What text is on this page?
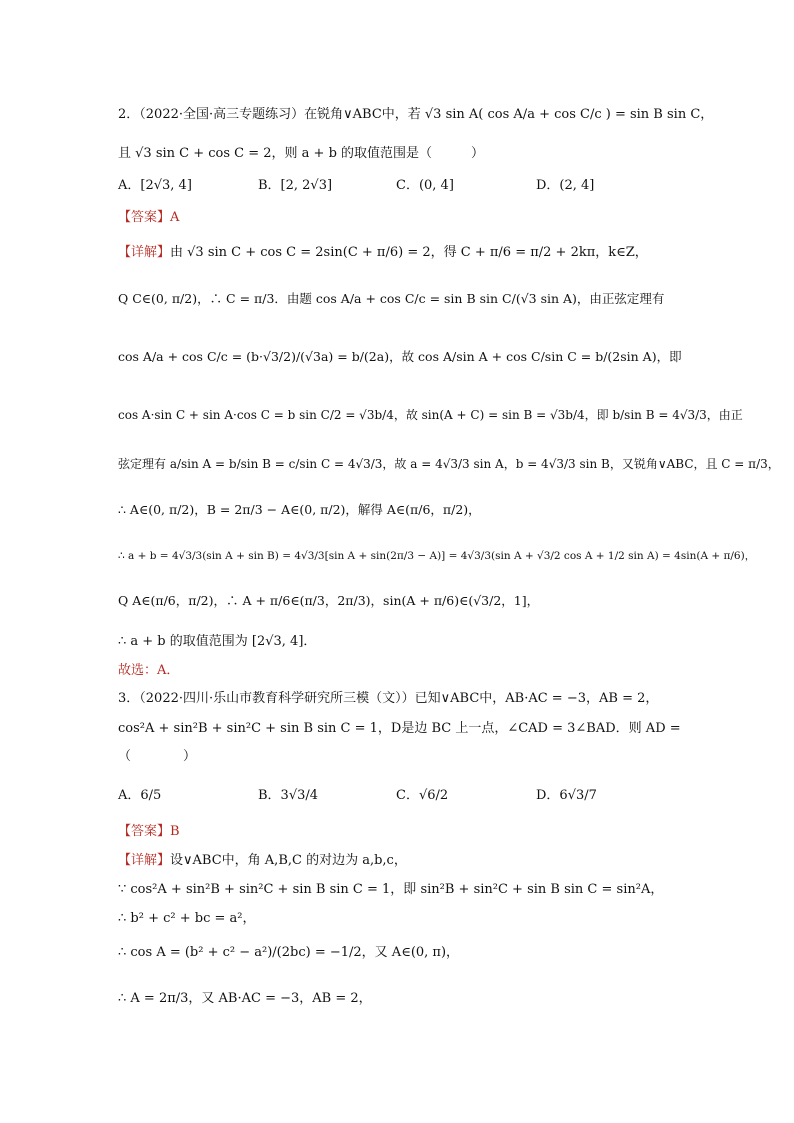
2．（2022·全国·高三专题练习）在锐角∨ABC中，若 √3 sin A( cos A/a + cos C/c ) = sin B sin C，
且 √3 sin C + cos C = 2，则 a + b 的取值范围是（　　　）
A．[2√3, 4]	B．[2, 2√3]	C．(0, 4]	D．(2, 4]
【答案】A
【详解】由 √3 sin C + cos C = 2sin(C + π/6) = 2，得 C + π/6 = π/2 + 2kπ，k∈Z，
Q C∈(0, π/2)，∴ C = π/3．由题 cos A/a + cos C/c = sin B sin C/(√3 sin A)，由正弦定理有
cos A/a + cos C/c = (b·√3/2)/(√3a) = b/(2a)，故 cos A/sin A + cos C/sin C = b/(2sin A)，即
cos A·sin C + sin A·cos C = b sin C/2 = √3b/4，故 sin(A + C) = sin B = √3b/4，即 b/sin B = 4√3/3，由正
弦定理有 a/sin A = b/sin B = c/sin C = 4√3/3，故 a = 4√3/3 sin A，b = 4√3/3 sin B，又锐角∨ABC，且 C = π/3，
∴ A∈(0, π/2)，B = 2π/3 − A∈(0, π/2)，解得 A∈(π/6，π/2)，
∴ a + b = 4√3/3(sin A + sin B) = 4√3/3[sin A + sin(2π/3 − A)] = 4√3/3(sin A + √3/2 cos A + 1/2 sin A) = 4sin(A + π/6)，
Q A∈(π/6，π/2)，∴ A + π/6∈(π/3，2π/3)，sin(A + π/6)∈(√3/2，1]，
∴ a + b 的取值范围为 [2√3, 4]．
故选：A．
3．（2022·四川·乐山市教育科学研究所三模（文））已知∨ABC中，AB·AC = −3，AB = 2，
cos²A + sin²B + sin²C + sin B sin C = 1，D是边 BC 上一点，∠CAD = 3∠BAD．则 AD =
（　　　　）
A．6/5	B．3√3/4	C．√6/2	D．6√3/7
【答案】B
【详解】设∨ABC中，角 A,B,C 的对边为 a,b,c，
∵ cos²A + sin²B + sin²C + sin B sin C = 1，即 sin²B + sin²C + sin B sin C = sin²A，
∴ b² + c² + bc = a²，
∴ cos A = (b² + c² − a²)/(2bc) = −1/2，又 A∈(0, π)，
∴ A = 2π/3，又 AB·AC = −3，AB = 2，
